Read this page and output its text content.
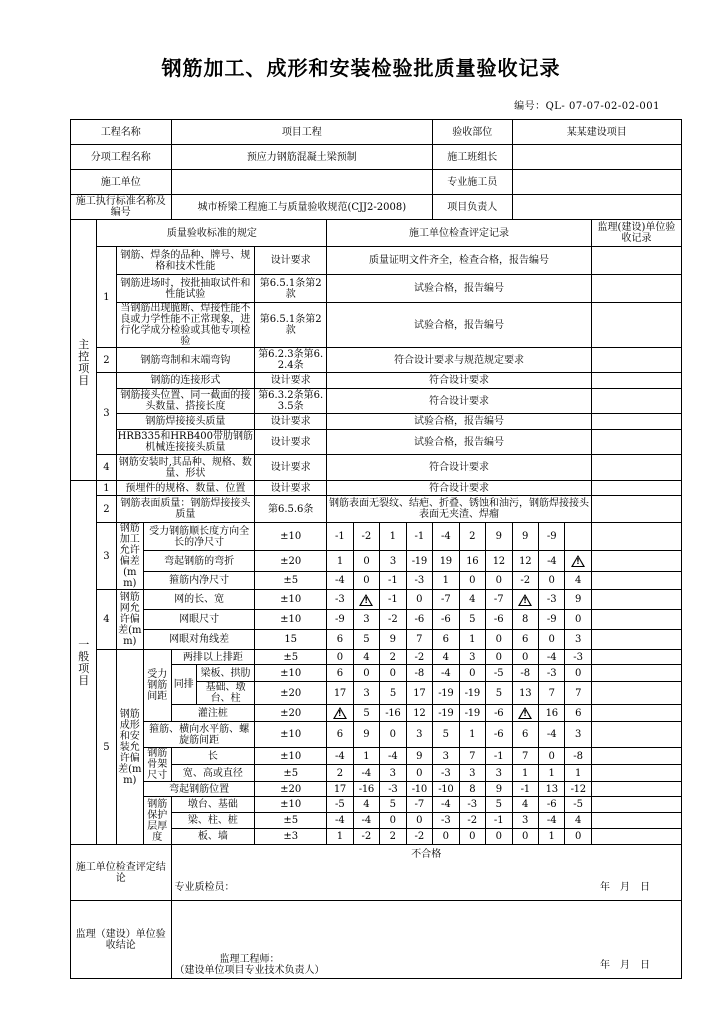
钢筋加工、成形和安装检验批质量验收记录
编号：QL- 07-07-02-02-001
工程名称				项目工程							验收部位			某某建设项目			
分项工程名称				预应力钢筋混凝土梁预制							施工班组长						
施工单位											专业施工员						
施工执行标准名称及编号				城市桥梁工程施工与质量验收规范(CJJ2-2008)							项目负责人						
	质量验收标准的规定						施工单位检查评定记录										监理(建设)单位验收记录
主控项目	1	钢筋、焊条的品种、牌号、规格和技术性能				设计要求	质量证明文件齐全，检查合格，报告编号										
		钢筋进场时，按批抽取试件和性能试验				第6.5.1条第2款	试验合格，报告编号										
		当钢筋出现脆断、焊接性能不良或力学性能不正常现象，进行化学成分检验或其他专项检验				第6.5.1条第2款	试验合格，报告编号										
	2	钢筋弯制和末端弯钩				第6.2.3条第6.2.4条	符合设计要求与规范规定要求										
	3	钢筋的连接形式				设计要求	符合设计要求										
		钢筋接头位置、同一截面的接头数量、搭接长度				第6.3.2条第6.3.5条	符合设计要求										
		钢筋焊接接头质量				设计要求	试验合格，报告编号										
		HRB335和HRB400带肋钢筋机械连接接头质量				设计要求	试验合格，报告编号										
	4	钢筋安装时,其品种、规格、数量、形状				设计要求	符合设计要求										
一般项目	1	预埋件的规格、数量、位置				设计要求	符合设计要求										
	2	钢筋表面质量：钢筋焊接接头质量				第6.5.6条	钢筋表面无裂纹、结疤、折叠、锈蚀和油污，钢筋焊接接头表面无夹渣、焊瘤										
	3	钢筋加工允许偏差(mm)	受力钢筋顺长度方向全长的净尺寸			±10	-1	-2	1	-1	-4	2	9	9	-9		
			弯起钢筋的弯折			±20	1	0	3	-19	19	16	12	12	-4	!	
			箍筋内净尺寸			±5	-4	0	-1	-3	1	0	0	-2	0	4	
	4	钢筋网允许偏差(mm)	网的长、宽			±10	-3	!	-1	0	-7	4	-7	!	-3	9	
			网眼尺寸			±10	-9	3	-2	-6	-6	5	-6	8	-9	0	
			网眼对角线差			15	6	5	9	7	6	1	0	6	0	3	
	5	钢筋成形和安装允许偏差(mm)	受力钢筋间距	两排以上排距		±5	0	4	2	-2	4	3	0	0	-4	-3	
				同排	梁板、拱肋	±10	6	0	0	-8	-4	0	-5	-8	-3	0	
					基础、墩台、柱	±20	17	3	5	17	-19	-19	5	13	7	7	
				灌注桩		±20	!	5	-16	12	-19	-19	-6	!	16	6	
			箍筋、横向水平筋、螺旋筋间距			±10	6	9	0	3	5	1	-6	6	-4	3	
			钢筋骨架尺寸	长		±10	-4	1	-4	9	3	7	-1	7	0	-8	
				宽、高或直径		±5	2	-4	3	0	-3	3	3	1	1	1	
			弯起钢筋位置			±20	17	-16	-3	-10	-10	8	9	-1	13	-12	
			钢筋保护层厚度	墩台、基础		±10	-5	4	5	-7	-4	-3	5	4	-6	-5	
				梁、柱、桩		±5	-4	-4	0	0	-3	-2	-1	3	-4	4	
				板、墙		±3	1	-2	2	-2	0	0	0	0	1	0	
施工单位检查评定结论				不合格
专业质检员： 年　月　日													

监理（建设）单位验收结论				监理工程师：
（建设单位项目专业技术负责人） 年　月　日													
